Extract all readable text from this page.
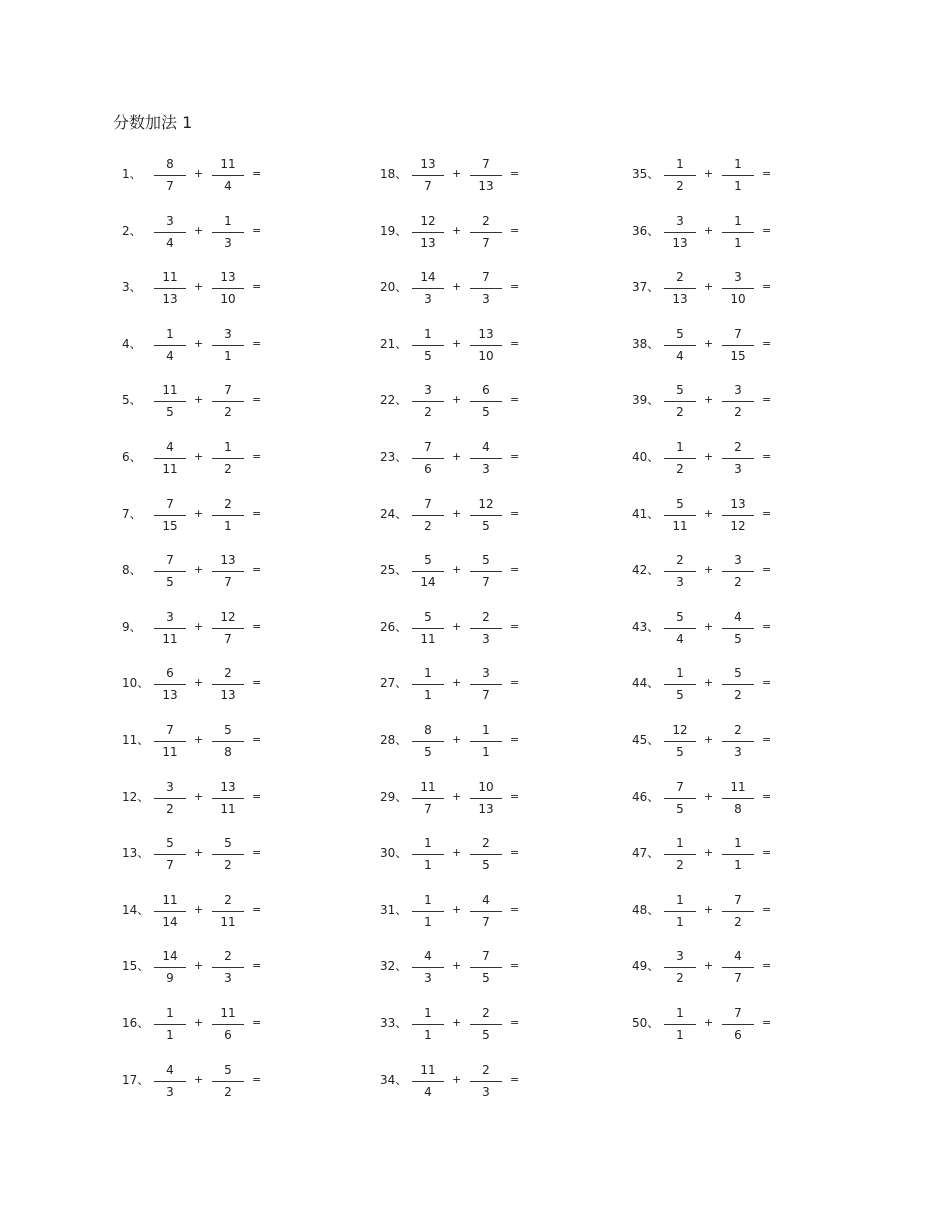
分数加法 1
1、
8
7
+
11
4
=
2、
3
4
+
1
3
=
3、
11
13
+
13
10
=
4、
1
4
+
3
1
=
5、
11
5
+
7
2
=
6、
4
11
+
1
2
=
7、
7
15
+
2
1
=
8、
7
5
+
13
7
=
9、
3
11
+
12
7
=
10、
6
13
+
2
13
=
11、
7
11
+
5
8
=
12、
3
2
+
13
11
=
13、
5
7
+
5
2
=
14、
11
14
+
2
11
=
15、
14
9
+
2
3
=
16、
1
1
+
11
6
=
17、
4
3
+
5
2
=
18、
13
7
+
7
13
=
19、
12
13
+
2
7
=
20、
14
3
+
7
3
=
21、
1
5
+
13
10
=
22、
3
2
+
6
5
=
23、
7
6
+
4
3
=
24、
7
2
+
12
5
=
25、
5
14
+
5
7
=
26、
5
11
+
2
3
=
27、
1
1
+
3
7
=
28、
8
5
+
1
1
=
29、
11
7
+
10
13
=
30、
1
1
+
2
5
=
31、
1
1
+
4
7
=
32、
4
3
+
7
5
=
33、
1
1
+
2
5
=
34、
11
4
+
2
3
=
35、
1
2
+
1
1
=
36、
3
13
+
1
1
=
37、
2
13
+
3
10
=
38、
5
4
+
7
15
=
39、
5
2
+
3
2
=
40、
1
2
+
2
3
=
41、
5
11
+
13
12
=
42、
2
3
+
3
2
=
43、
5
4
+
4
5
=
44、
1
5
+
5
2
=
45、
12
5
+
2
3
=
46、
7
5
+
11
8
=
47、
1
2
+
1
1
=
48、
1
1
+
7
2
=
49、
3
2
+
4
7
=
50、
1
1
+
7
6
=
